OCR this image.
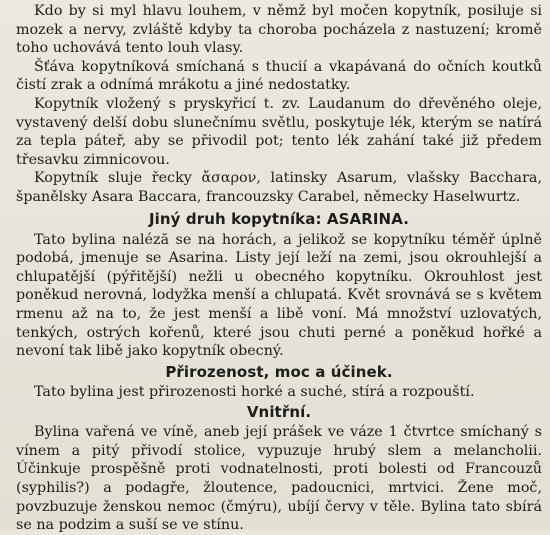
Kdo by si myl hlavu louhem, v němž byl močen kopytník, posiluje si mozek a nervy, zvláště kdyby ta choroba pocházela z nastuzení; kromě toho uchovává tento louh vlasy.

Šťáva kopytníková smíchaná s thucií a vkapávaná do očních koutků čistí zrak a odnímá mrákotu a jiné nedostatky.

Kopytník vložený s pryskyřicí t. zv. Laudanum do dřevěného oleje, vystavený delší dobu slunečnímu světlu, poskytuje lék, kterým se natírá za tepla páteř, aby se přivodil pot; tento lék zahání také již předem třesavku zimnicovou.

Kopytník sluje řecky ἄσαρον, latinsky Asarum, vlašsky Bacchara, španělsky Asara Baccara, francouzsky Carabel, německy Haselwurtz.

Jiný druh kopytníka: ASARINA.

Tato bylina naléză se na horách, a jelikož se kopytníku téměř úplně podobá, jmenuje se Asarina. Listy její leží na zemi, jsou okrouhlejší a chlupatější (pýřitější) nežli u obecného kopytníku. Okrouhlost jest poněkud nerovná, lodyžka menší a chlupatá. Květ srovnává se s květem rmenu až na to, že jest menší a libě voní. Má množství uzlovatých, tenkých, ostrých kořenů, které jsou chuti perné a poněkud hořké a nevoní tak libě jako kopytník obecný.

Přirozenost, moc a účinek.

Tato bylina jest přirozenosti horké a suché, stírá a rozpouští.

Vnitřní.

Bylina vařená ve víně, aneb její prášek ve váze 1 čtvrtce smíchaný s vínem a pitý přivodí stolice, vypuzuje hrubý slem a melancholii. Účinkuje prospěšně proti vodnatelnosti, proti bolesti od Francouzů (syphilis?) a podagře, žloutence, padoucnici, mrtvici. Žene moč, povzbuzuje ženskou nemoc (čmýru), ubíjí červy v těle. Bylina tato sbírá se na podzim a suší se ve stínu.
